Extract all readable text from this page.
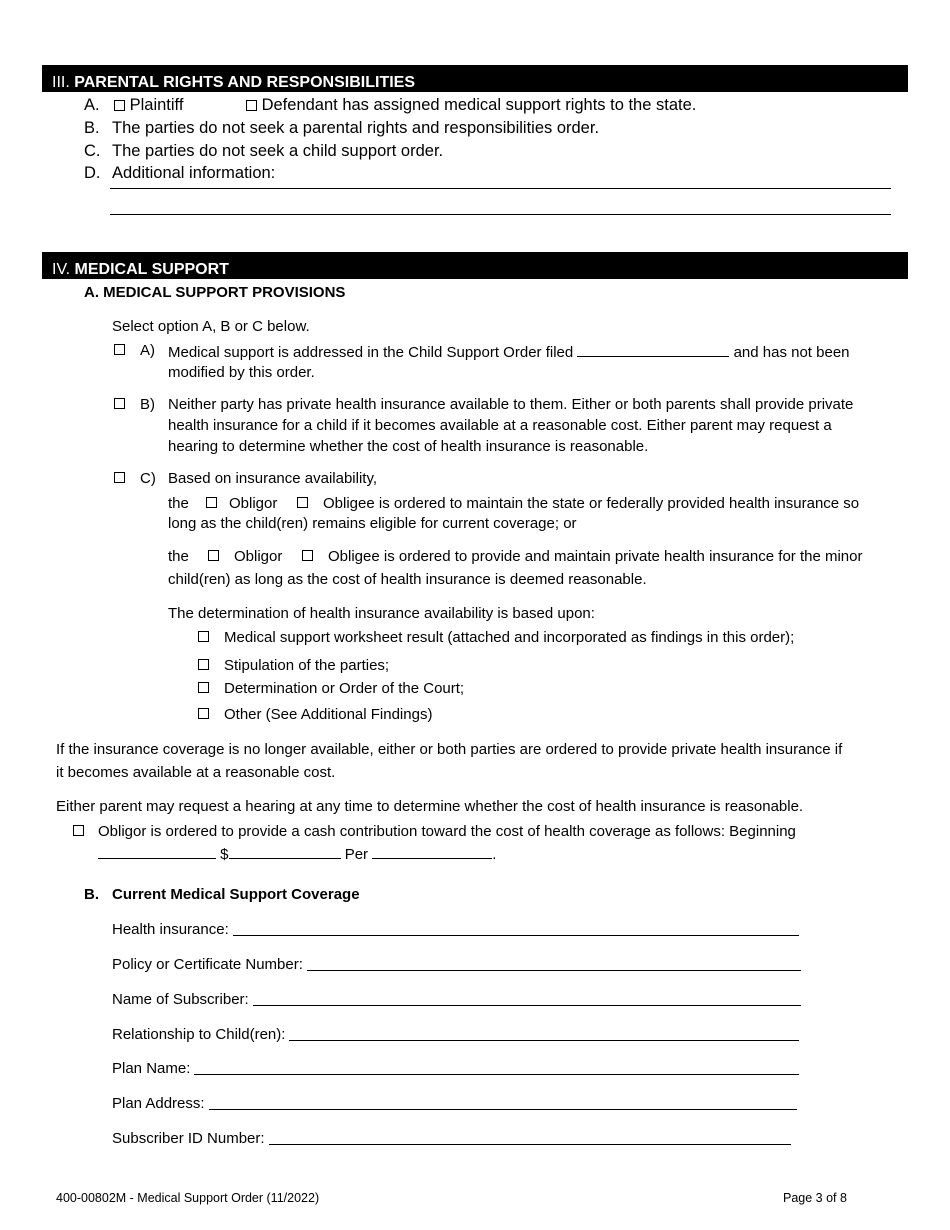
III. PARENTAL RIGHTS AND RESPONSIBILITIES
A.	Plaintiff	Defendant has assigned medical support rights to the state.
B. The parties do not seek a parental rights and responsibilities order.
C. The parties do not seek a child support order.
D. Additional information:
IV. MEDICAL SUPPORT
A. MEDICAL SUPPORT PROVISIONS
Select option A, B or C below.
A) Medical support is addressed in the Child Support Order filed	and has not been
modified by this order.
B) Neither party has private health insurance available to them. Either or both parents shall provide private
health insurance for a child if it becomes available at a reasonable cost. Either parent may request a
hearing to determine whether the cost of health insurance is reasonable.
C) Based on insurance availability,
the	Obligor	Obligee is ordered to maintain the state or federally provided health insurance so
long as the child(ren) remains eligible for current coverage; or
the	Obligor	Obligee is ordered to provide and maintain private health insurance for the minor
child(ren) as long as the cost of health insurance is deemed reasonable.
The determination of health insurance availability is based upon:
Medical support worksheet result (attached and incorporated as findings in this order);
Stipulation of the parties;
Determination or Order of the Court;
Other (See Additional Findings)
If the insurance coverage is no longer available, either or both parties are ordered to provide private health insurance if
it becomes available at a reasonable cost.
Either parent may request a hearing at any time to determine whether the cost of health insurance is reasonable.
Obligor is ordered to provide a cash contribution toward the cost of health coverage as follows: Beginning
$	Per	.
B. Current Medical Support Coverage
Health insurance:
Policy or Certificate Number:
Name of Subscriber:
Relationship to Child(ren):
Plan Name:
Plan Address:
Subscriber ID Number:
400-00802M - Medical Support Order (11/2022)	Page 3 of 8
